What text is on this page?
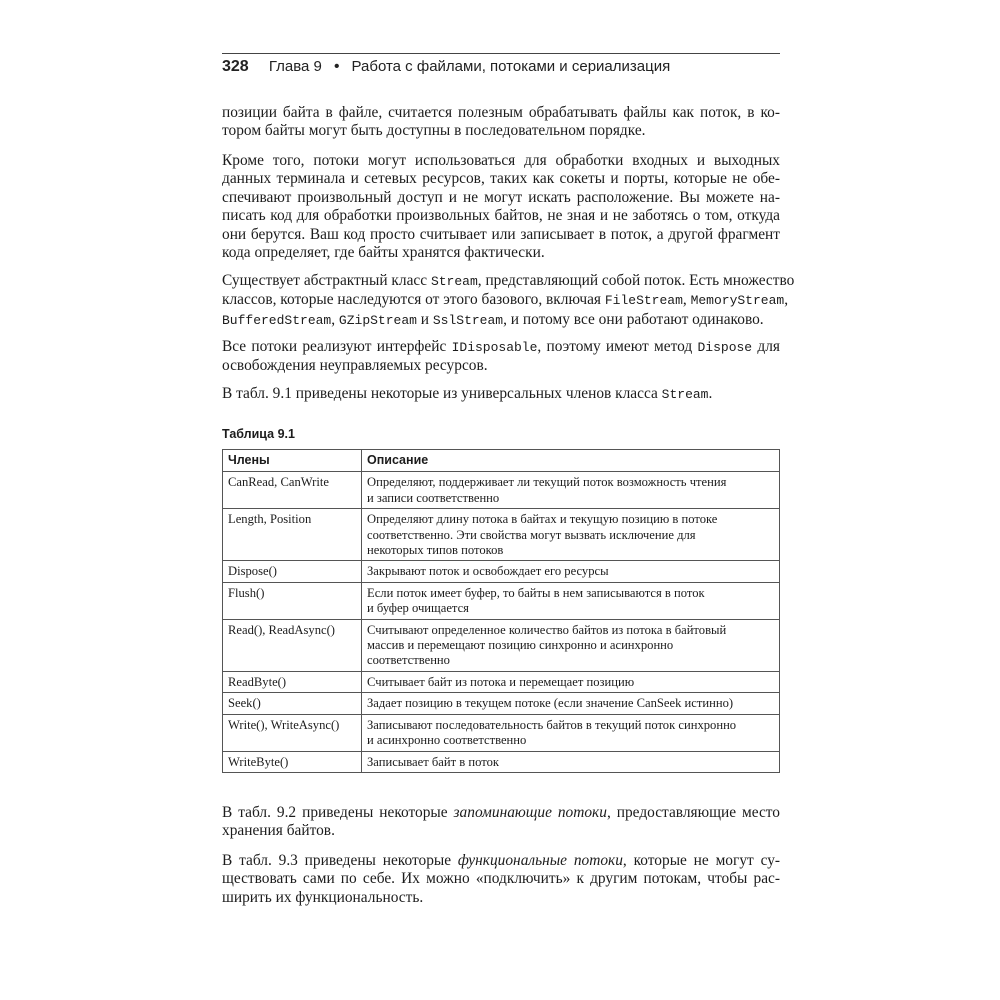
328 Глава 9 • Работа с файлами, потоками и сериализация
позиции байта в файле, считается полезным обрабатывать файлы как поток, в ко-
тором байты могут быть доступны в последовательном порядке.
Кроме того, потоки могут использоваться для обработки входных и выходных
данных терминала и сетевых ресурсов, таких как сокеты и порты, которые не обе-
спечивают произвольный доступ и не могут искать расположение. Вы можете на-
писать код для обработки произвольных байтов, не зная и не заботясь о том, откуда
они берутся. Ваш код просто считывает или записывает в поток, а другой фрагмент
кода определяет, где байты хранятся фактически.
Существует абстрактный класс Stream, представляющий собой поток. Есть множество
классов, которые наследуются от этого базового, включая FileStream, MemoryStream,
BufferedStream, GZipStream и SslStream, и потому все они работают одинаково.
Все потоки реализуют интерфейс IDisposable, поэтому имеют метод Dispose для
освобождения неуправляемых ресурсов.
В табл. 9.1 приведены некоторые из универсальных членов класса Stream.
Таблица 9.1
Члены	Описание
CanRead, CanWrite	Определяют, поддерживает ли текущий поток возможность чтения
и записи соответственно

Length, Position	Определяют длину потока в байтах и текущую позицию в потоке
соответственно. Эти свойства могут вызвать исключение для
некоторых типов потоков

Dispose()	Закрывают поток и освобождает его ресурсы

Flush()	Если поток имеет буфер, то байты в нем записываются в поток
и буфер очищается

Read(), ReadAsync()	Считывают определенное количество байтов из потока в байтовый
массив и перемещают позицию синхронно и асинхронно
соответственно

ReadByte()	Считывает байт из потока и перемещает позицию

Seek()	Задает позицию в текущем потоке (если значение CanSeek истинно)

Write(), WriteAsync()	Записывают последовательность байтов в текущий поток синхронно
и асинхронно соответственно

WriteByte()	Записывает байт в поток
В табл. 9.2 приведены некоторые запоминающие потоки, предоставляющие место
хранения байтов.
В табл. 9.3 приведены некоторые функциональные потоки, которые не могут су-
ществовать сами по себе. Их можно «подключить» к другим потокам, чтобы рас-
ширить их функциональность.
